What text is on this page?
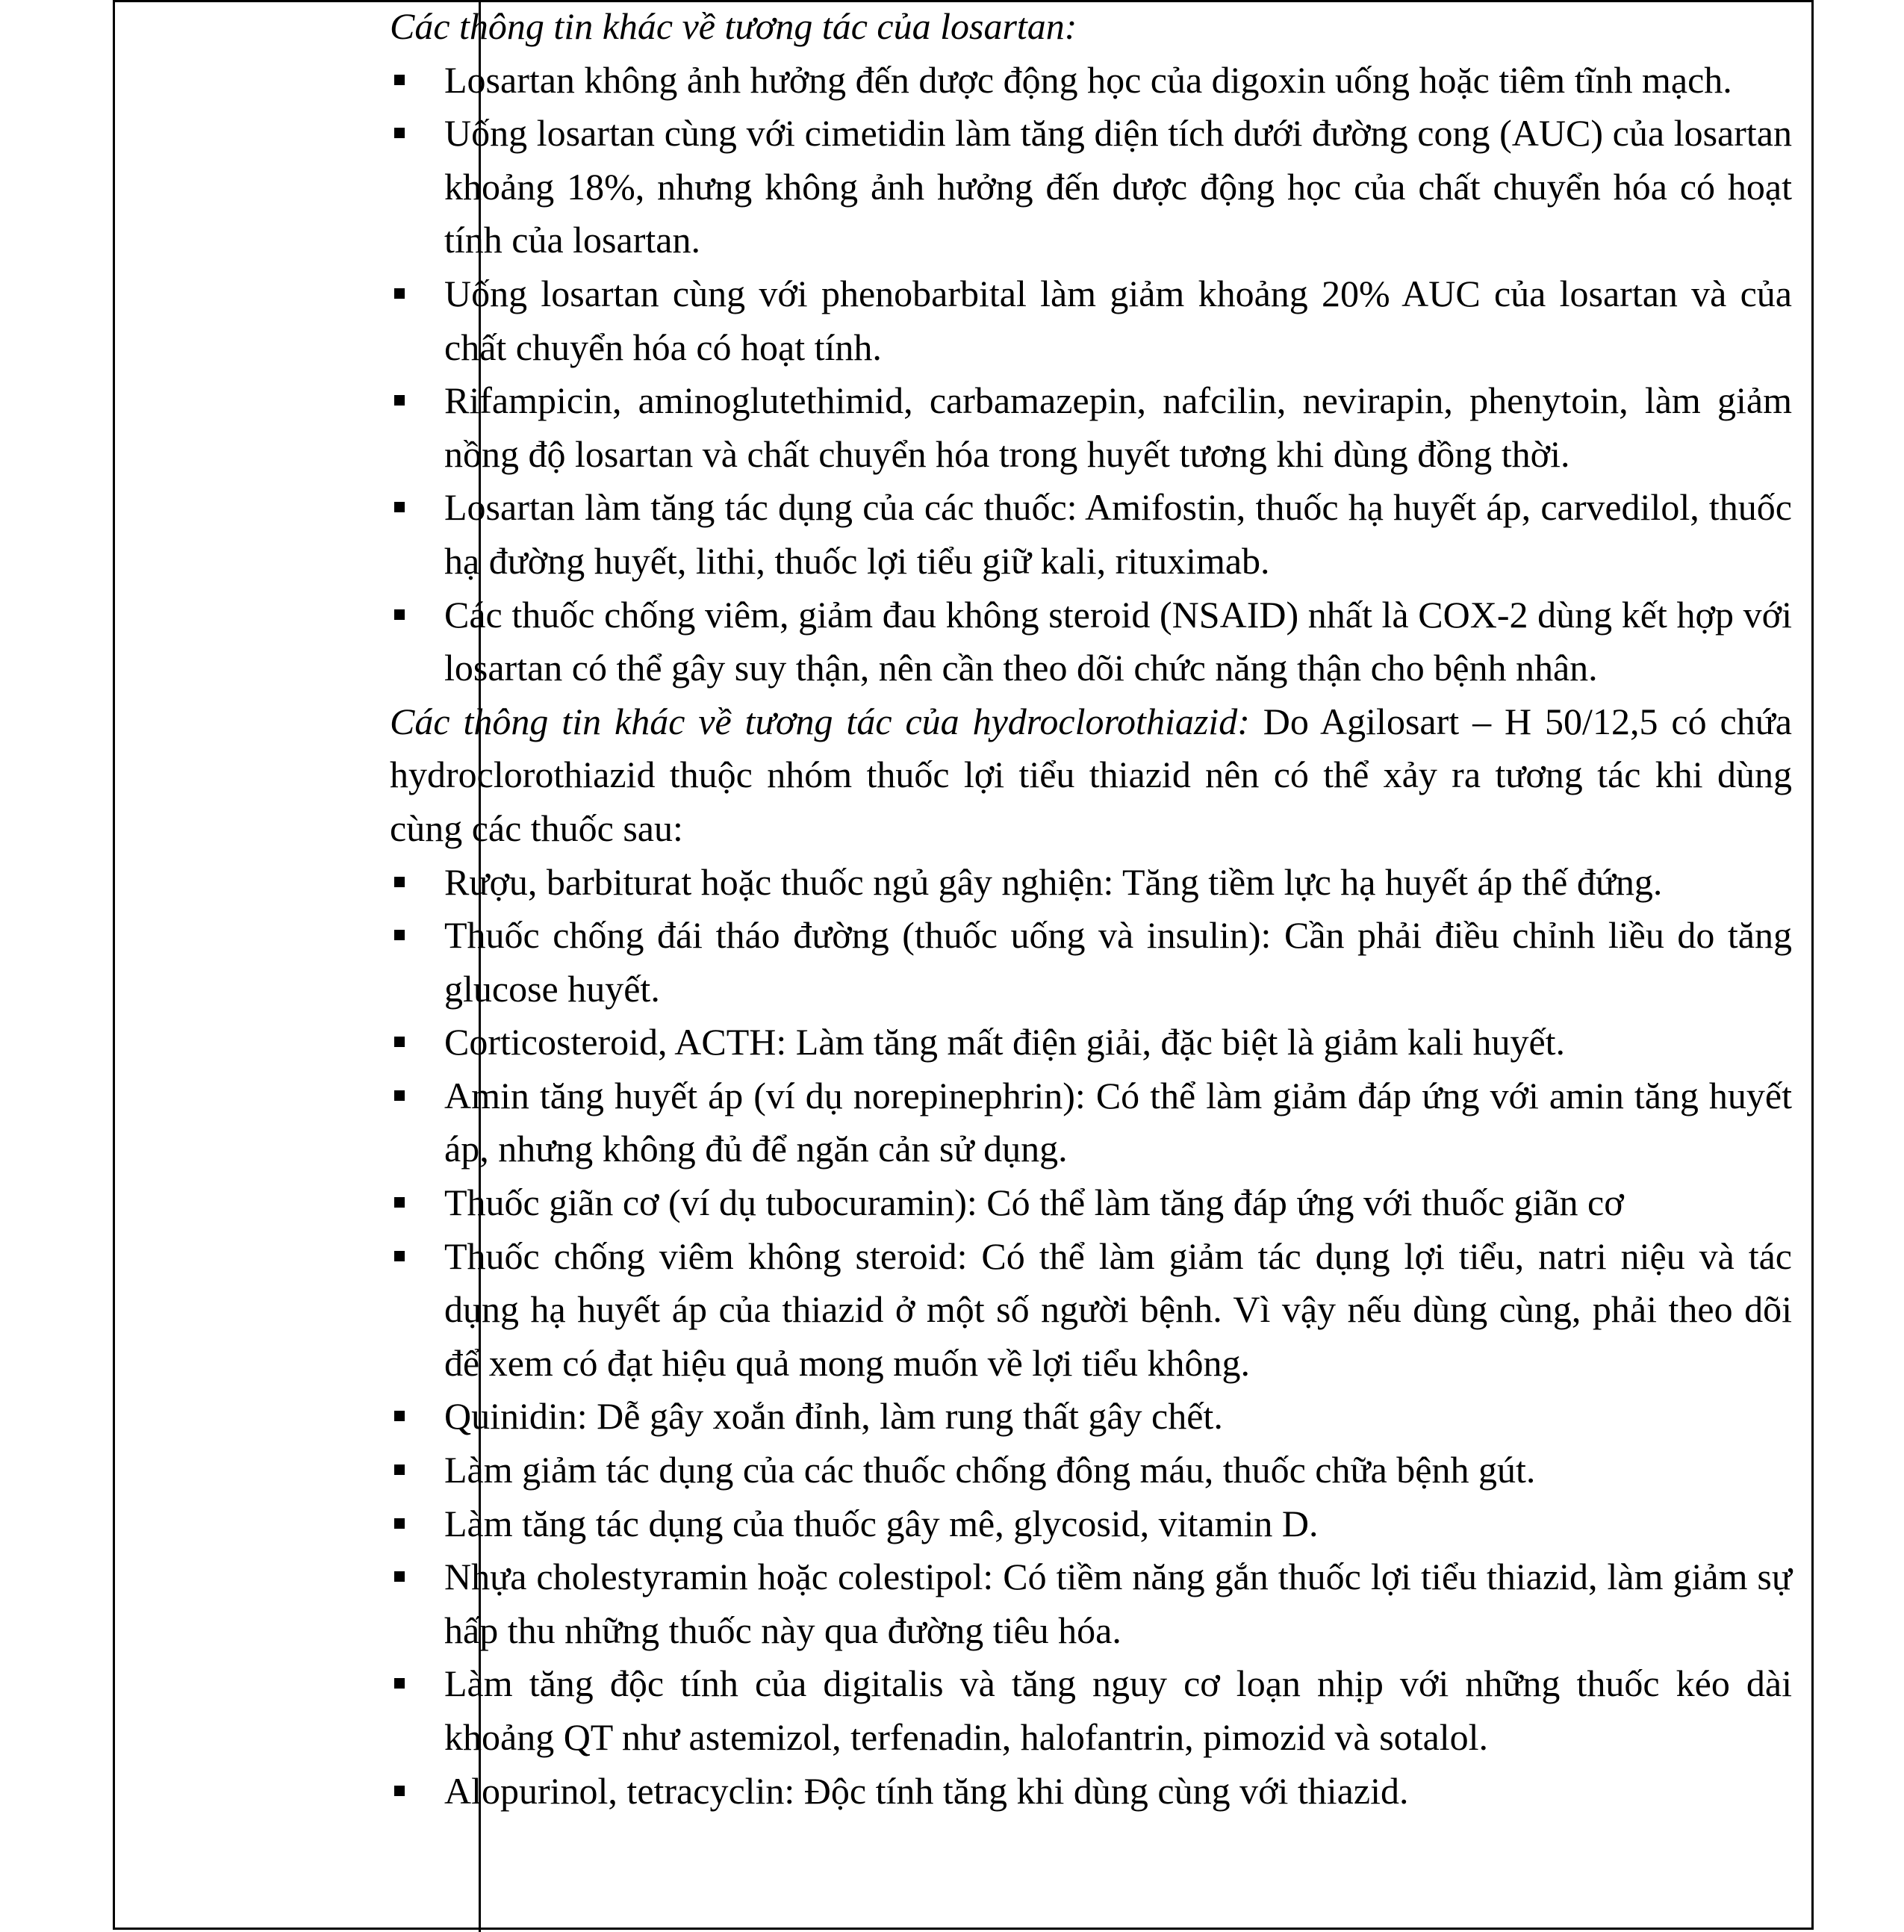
Các thông tin khác về tương tác của losartan:

Losartan không ảnh hưởng đến dược động học của digoxin uống hoặc tiêm tĩnh mạch.
Uống losartan cùng với cimetidin làm tăng diện tích dưới đường cong (AUC) của losartan khoảng 18%, nhưng không ảnh hưởng đến dược động học của chất chuyển hóa có hoạt tính của losartan.
Uống losartan cùng với phenobarbital làm giảm khoảng 20% AUC của losartan và của chất chuyển hóa có hoạt tính.
Rifampicin, aminoglutethimid, carbamazepin, nafcilin, nevirapin, phenytoin, làm giảm nồng độ losartan và chất chuyển hóa trong huyết tương khi dùng đồng thời.
Losartan làm tăng tác dụng của các thuốc: Amifostin, thuốc hạ huyết áp, carvedilol, thuốc hạ đường huyết, lithi, thuốc lợi tiểu giữ kali, rituximab.
Các thuốc chống viêm, giảm đau không steroid (NSAID) nhất là COX-2 dùng kết hợp với losartan có thể gây suy thận, nên cần theo dõi chức năng thận cho bệnh nhân.

Các thông tin khác về tương tác của hydroclorothiazid: Do Agilosart – H 50/12,5 có chứa hydroclorothiazid thuộc nhóm thuốc lợi tiểu thiazid nên có thể xảy ra tương tác khi dùng cùng các thuốc sau:

Rượu, barbiturat hoặc thuốc ngủ gây nghiện: Tăng tiềm lực hạ huyết áp thế đứng.
Thuốc chống đái tháo đường (thuốc uống và insulin): Cần phải điều chỉnh liều do tăng glucose huyết.
Corticosteroid, ACTH: Làm tăng mất điện giải, đặc biệt là giảm kali huyết.
Amin tăng huyết áp (ví dụ norepinephrin): Có thể làm giảm đáp ứng với amin tăng huyết áp, nhưng không đủ để ngăn cản sử dụng.
Thuốc giãn cơ (ví dụ tubocuramin): Có thể làm tăng đáp ứng với thuốc giãn cơ
Thuốc chống viêm không steroid: Có thể làm giảm tác dụng lợi tiểu, natri niệu và tác dụng hạ huyết áp của thiazid ở một số người bệnh. Vì vậy nếu dùng cùng, phải theo dõi để xem có đạt hiệu quả mong muốn về lợi tiểu không.
Quinidin: Dễ gây xoắn đỉnh, làm rung thất gây chết.
Làm giảm tác dụng của các thuốc chống đông máu, thuốc chữa bệnh gút.
Làm tăng tác dụng của thuốc gây mê, glycosid, vitamin D.
Nhựa cholestyramin hoặc colestipol: Có tiềm năng gắn thuốc lợi tiểu thiazid, làm giảm sự hấp thu những thuốc này qua đường tiêu hóa.
Làm tăng độc tính của digitalis và tăng nguy cơ loạn nhịp với những thuốc kéo dài khoảng QT như astemizol, terfenadin, halofantrin, pimozid và sotalol.
Alopurinol, tetracyclin: Độc tính tăng khi dùng cùng với thiazid.
